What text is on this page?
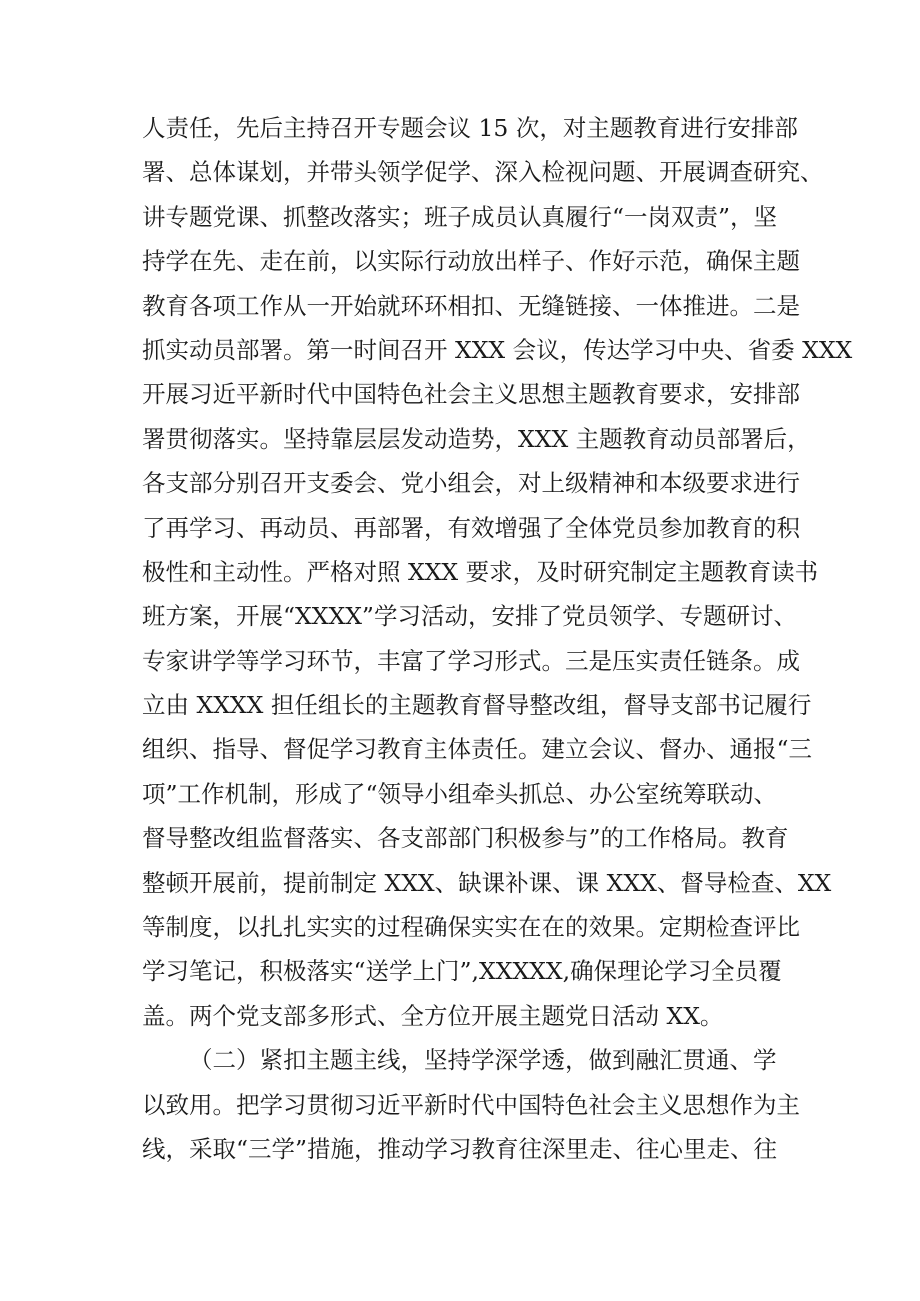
人责任，先后主持召开专题会议 15 次，对主题教育进行安排部
署、总体谋划，并带头领学促学、深入检视问题、开展调查研究、
讲专题党课、抓整改落实；班子成员认真履行“一岗双责”，坚
持学在先、走在前，以实际行动放出样子、作好示范，确保主题
教育各项工作从一开始就环环相扣、无缝链接、一体推进。二是
抓实动员部署。第一时间召开 XXX 会议，传达学习中央、省委 XXX
开展习近平新时代中国特色社会主义思想主题教育要求，安排部
署贯彻落实。坚持靠层层发动造势，XXX 主题教育动员部署后，
各支部分别召开支委会、党小组会，对上级精神和本级要求进行
了再学习、再动员、再部署，有效增强了全体党员参加教育的积
极性和主动性。严格对照 XXX 要求，及时研究制定主题教育读书
班方案，开展“XXXX”学习活动，安排了党员领学、专题研讨、
专家讲学等学习环节，丰富了学习形式。三是压实责任链条。成
立由 XXXX 担任组长的主题教育督导整改组，督导支部书记履行
组织、指导、督促学习教育主体责任。建立会议、督办、通报“三
项”工作机制，形成了“领导小组牵头抓总、办公室统筹联动、
督导整改组监督落实、各支部部门积极参与”的工作格局。教育
整顿开展前，提前制定 XXX、缺课补课、课 XXX、督导检查、XX
等制度，以扎扎实实的过程确保实实在在的效果。定期检查评比
学习笔记，积极落实“送学上门”,XXXXX,确保理论学习全员覆
盖。两个党支部多形式、全方位开展主题党日活动 XX。
（二）紧扣主题主线，坚持学深学透，做到融汇贯通、学
以致用。把学习贯彻习近平新时代中国特色社会主义思想作为主
线，采取“三学”措施，推动学习教育往深里走、往心里走、往
